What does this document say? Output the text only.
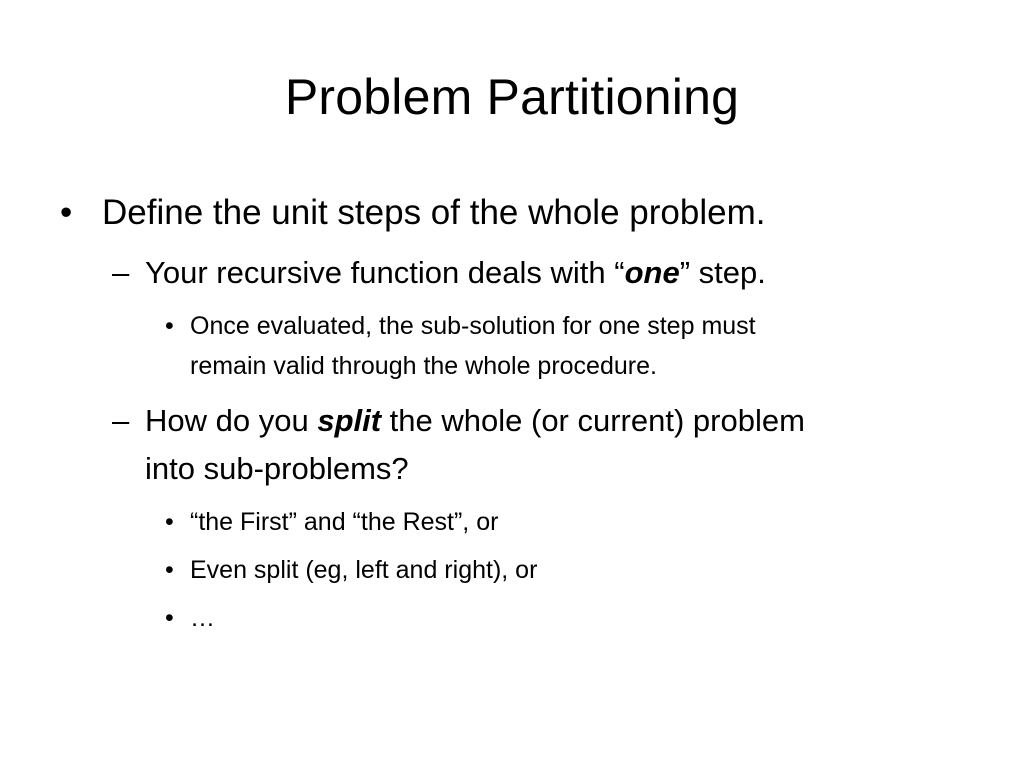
Problem Partitioning
• Define the unit steps of the whole problem.
– Your recursive function deals with “one” step.
• Once evaluated, the sub-solution for one step must
remain valid through the whole procedure.
– How do you split the whole (or current) problem
into sub-problems?
• “the First” and “the Rest”, or
• Even split (eg, left and right), or
• …
